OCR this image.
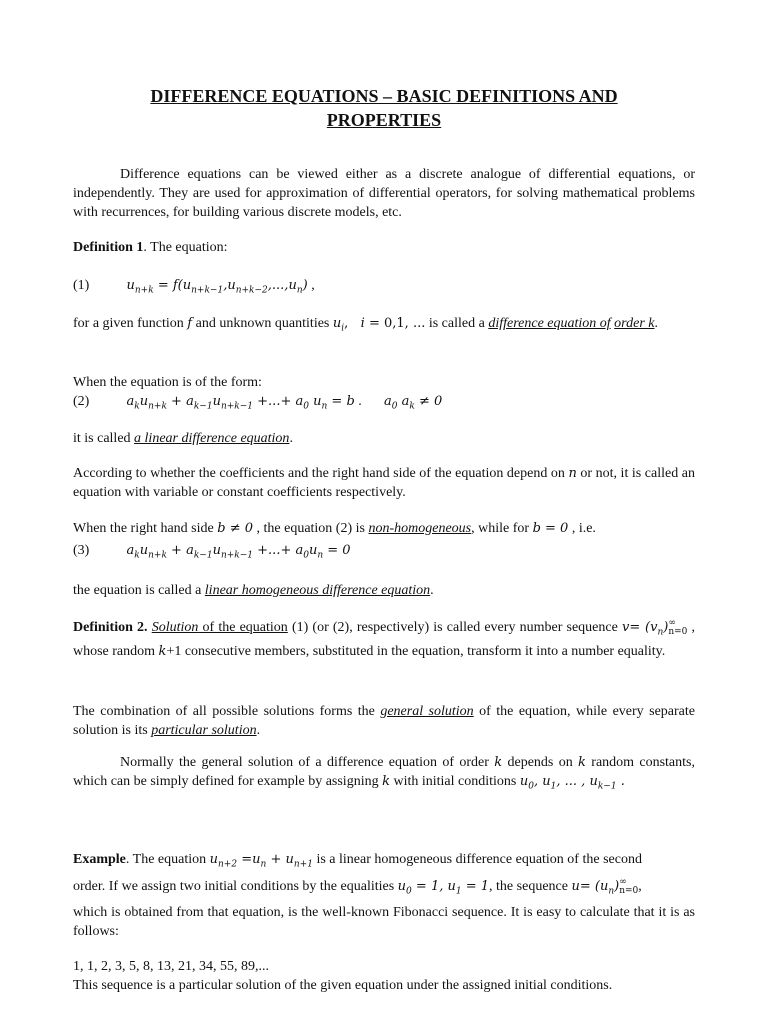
DIFFERENCE EQUATIONS – BASIC DEFINITIONS AND
PROPERTIES
Difference equations can be viewed either as a discrete analogue of differential equations, or independently. They are used for approximation of differential operators, for solving mathematical problems with recurrences, for building various discrete models, etc.
Definition 1. The equation:
(1)	$u_{n+k} = f(u_{n+k-1},u_{n+k-2},...,u_n)$ ,
for a given function f and unknown quantities $u_i$,   i = 0,1, ... is called a difference equation of order k.
When the equation is of the form:
(2)	$a_ku_{n+k} + a_{k-1}u_{n+k-1}$ +...+ $a_0$ $u_n = b$ . $a_0$ $a_k \ne 0$
it is called a linear difference equation.
According to whether the coefficients and the right hand side of the equation depend on n or not, it is called an equation with variable or constant coefficients respectively.
When the right hand side b ≠ 0 , the equation (2) is non-homogeneous, while for b = 0 , i.e.
(3)	$a_ku_{n+k} + a_{k-1}u_{n+k-1}$ +...+ $a_0u_n = 0$
the equation is called a linear homogeneous difference equation.
Definition 2. Solution of the equation (1) (or (2), respectively) is called every number sequence $v= (v_n)$ ∞
n=0 , whose random k+1 consecutive members, substituted in the equation, transform it into a number equality.
The combination of all possible solutions forms the general solution of the equation, while every separate solution is its particular solution.
Normally the general solution of a difference equation of order k depends on k random constants, which can be simply defined for example by assigning k with initial conditions $u_0$, $u_1$, ... , $u_{k-1}$ .
Example. The equation $u_{n+2} =u_n + u_{n+1}$ is a linear homogeneous difference equation of the second
order. If we assign two initial conditions by the equalities $u_0 = 1$, $u_1 = 1$, the sequence $u= (u_n)$ ∞
n=0 ,
which is obtained from that equation, is the well-known Fibonacci sequence. It is easy to calculate that it is as follows:
1, 1, 2, 3, 5, 8, 13, 21, 34, 55, 89,...
This sequence is a particular solution of the given equation under the assigned initial conditions.
